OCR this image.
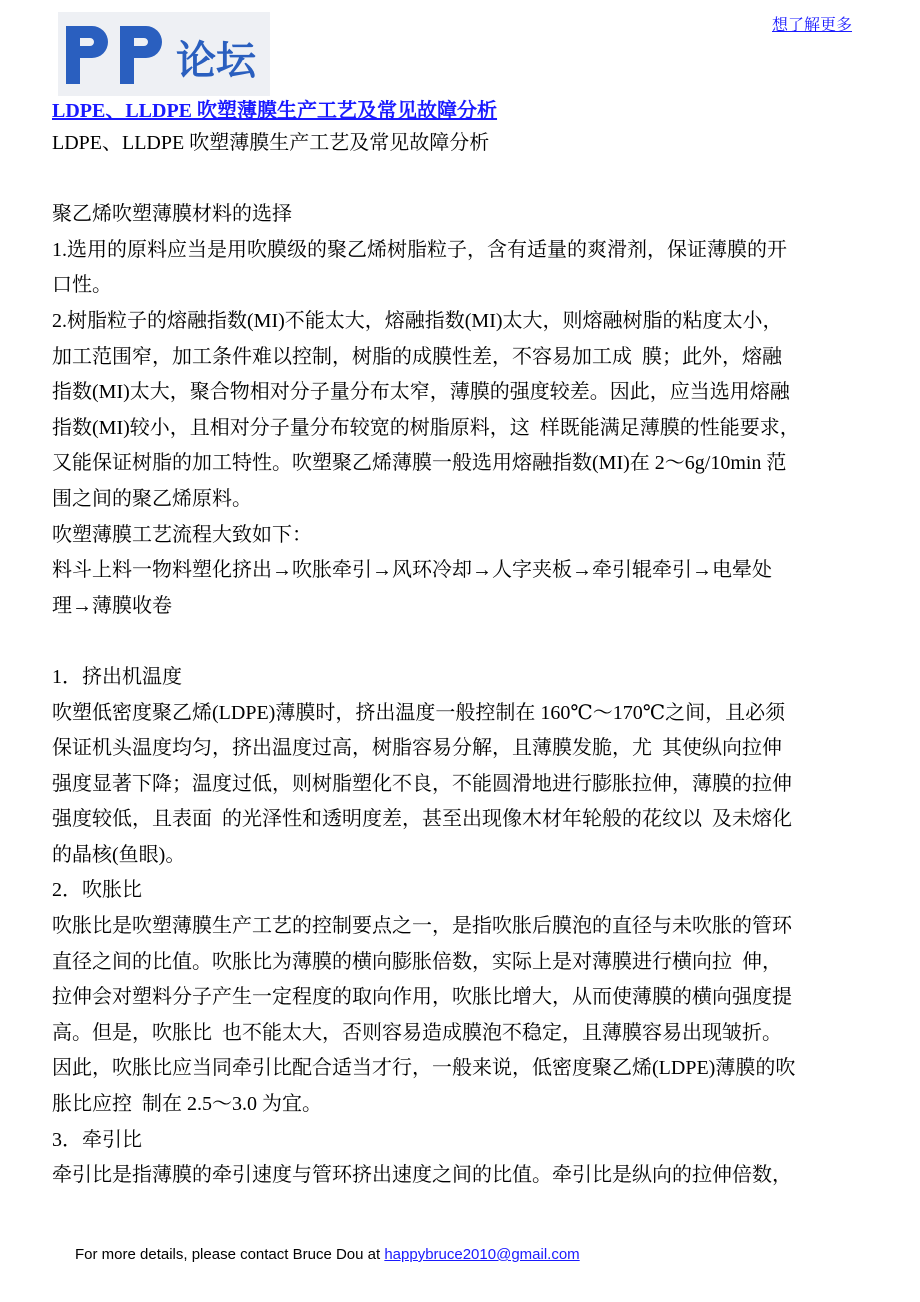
论坛
想了解更多
LDPE、LLDPE 吹塑薄膜生产工艺及常见故障分析
LDPE、LLDPE 吹塑薄膜生产工艺及常见故障分析
聚乙烯吹塑薄膜材料的选择
1.选用的原料应当是用吹膜级的聚乙烯树脂粒子，含有适量的爽滑剂，保证薄膜的开
口性。
2.树脂粒子的熔融指数(MI)不能太大，熔融指数(MI)太大，则熔融树脂的粘度太小，
加工范围窄，加工条件难以控制，树脂的成膜性差，不容易加工成  膜；此外，熔融
指数(MI)太大，聚合物相对分子量分布太窄，薄膜的强度较差。因此，应当选用熔融
指数(MI)较小，且相对分子量分布较宽的树脂原料，这  样既能满足薄膜的性能要求，
又能保证树脂的加工特性。吹塑聚乙烯薄膜一般选用熔融指数(MI)在 2～6g/10min 范
围之间的聚乙烯原料。
吹塑薄膜工艺流程大致如下：
料斗上料一物料塑化挤出→吹胀牵引→风环冷却→人字夹板→牵引辊牵引→电晕处
理→薄膜收卷
1．挤出机温度
吹塑低密度聚乙烯(LDPE)薄膜时，挤出温度一般控制在 160℃～170℃之间，且必须
保证机头温度均匀，挤出温度过高，树脂容易分解，且薄膜发脆，尤  其使纵向拉伸
强度显著下降；温度过低，则树脂塑化不良，不能圆滑地进行膨胀拉伸，薄膜的拉伸
强度较低，且表面  的光泽性和透明度差，甚至出现像木材年轮般的花纹以  及未熔化
的晶核(鱼眼)。
2．吹胀比
吹胀比是吹塑薄膜生产工艺的控制要点之一，是指吹胀后膜泡的直径与未吹胀的管环
直径之间的比值。吹胀比为薄膜的横向膨胀倍数，实际上是对薄膜进行横向拉  伸，
拉伸会对塑料分子产生一定程度的取向作用，吹胀比增大，从而使薄膜的横向强度提
高。但是，吹胀比  也不能太大，否则容易造成膜泡不稳定，且薄膜容易出现皱折。
因此，吹胀比应当同牵引比配合适当才行，一般来说，低密度聚乙烯(LDPE)薄膜的吹
胀比应控  制在 2.5～3.0 为宜。
3．牵引比
牵引比是指薄膜的牵引速度与管环挤出速度之间的比值。牵引比是纵向的拉伸倍数，
For more details, please contact Bruce Dou at happybruce2010@gmail.com
